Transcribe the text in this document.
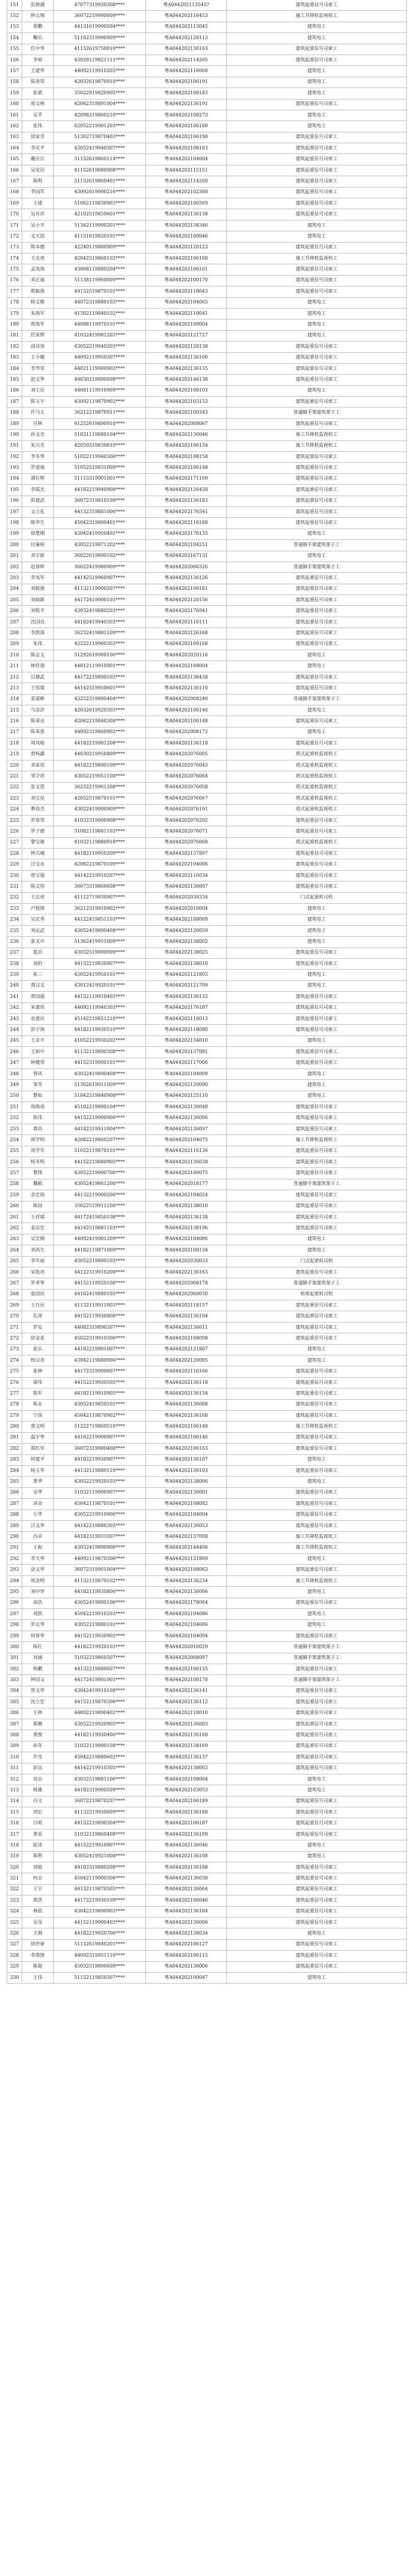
151	彭俊涵	47077319930308****	粤A044202113545?	建筑起重信号司索工
152	钟云翔	36072219990009****	粤A044202116453	施工升降机监视机工
153	郑鹏	44131619990504****	粤A044202113045	建筑电工
154	鞠乐	51162319990909****	粤A044202128113	建筑电工
155	任中华	41152619750010****	粤A044202136163	建筑起重信号司索工
156	李裕	43028119821111****	粤A044202114265	建筑起重信号司索工
157	王建华	44092119910205****	粤A044202116060	建筑电工
158	陈春荣	42032619870910****	粤A044202106191	建筑电工
159	张斌	35022919820905****	粤A044202108183	建筑电工
160	胡文林	42062319891004****	粤A044202136191	建筑起重信号司索工
161	吴芊	42098319860210****	粤A044202108273	建筑电工
162	张伟	62052219901203****	粤A044202106180	建筑电工
163	徐家芳	51302719870403****	粤A044202106190	建筑起重信号司索工
164	李庆平	43052419940307****	粤A044202108163	建筑起重信号司索工
165	戴应江	51152619860114****	粤A044202104004	建筑起重信号司索工
166	吴安民	41152619880908****	粤A044202115151	建筑起重信号司索工
167	陈明	51152619860401****	粤A044202114260	建筑起重信号司索工
168	李国军	43092619900216****	粤A044202102360	建筑起重信号司索工
169	王建	51062119830903****	粤A044202106569	建筑起重信号司索工
170	吴有祥	42102519850601****	粤A044202136138	建筑起重信号司索工
171	吴小平	51342119900201****	粤A044202138346	建筑电工
172	文天涯	41151619820101****	粤A044202100046	建筑电工
173	陈本德	42240119860909****	粤A044202120123	建筑起重信号司索工
174	王庆虎	42042519860102****	粤A044202106108	施工升降机监视机工
175	孟凤海	43068119880204****	粤A044202106161	建筑起重信号司索工
176	邓正福	51138119960009****	粤A044202100170	建筑起重信号司索工
177	蔡振海	44152519870101****	粤A044202118643	建筑起重信号司索工
178	杨文楷	44072319880103****	粤A044202104065	建筑电工
179	朱海军	41302119840102****	粤A044202110041	建筑电工
180	曾海军	44088119970101****	粤A044202108004	建筑电工
181	任家辉	41032419981203****	粤A044202121727	建筑电工
182	邱诗容	43052219940203****	粤A044202128138	建筑起重信号司索工
183	王小娜	44092119950307****	粤A044202136100	建筑起重信号司索工
184	李华荣	44021119900903****	粤A044202136135	建筑起重信号司索工
185	赵文华	44030219890008****	粤A044202146138	建筑起重信号司索工
186	刘土民	44081119910909****	粤A044202108103	建筑电工
187	陈玉宇	43092119870902****	粤A044202103153	建筑起重信号司索工
188	许马太	36212219870911****	粤A044202100343	普通脚手架建筑架子工
189	付林	61252619890910****	粤A044202008067	建筑起重信号司索工
190	孙文光	51021119880104****	粤A044202136046	施工升降机监视机工
191	朱兴光	42050319830610****	粤A044202106134	施工升降机监视机工
192	李冬华	51022119940306****	粤A044202108158	建筑起重信号司索工
193	罗道福	51052519831009****	粤A044202106148	建筑起重信号司索工
194	谭仕辉	51113319901001****	粤A044202171109	建筑起重信号司索工
195	李霞光	44182219940908****	粤A044202126458	建筑起重信号司索工
196	彭建武	36072319810109****	粤A044202136183	建筑起重信号司索工
197	文立礼	44132319881006****	粤A044202176541	建筑起重信号司索工
198	陈华生	45042319890401****	粤A044202116188	建筑起重信号司索工
199	徐楚刚	43042419950401****	粤A044202176135	建筑电工
200	付兼柯	43052219871202****	粤A044202104251	普通脚手架建筑架子工
201	邓宇新	36022619890102****	粤A044202167131	建筑电工
202	赵春晖	36022419980909****	粤A044202006326	普通脚手架建筑架子工
203	李凤军	44142519960907****	粤A044202136126	建筑起重信号司索工
204	刘振强	41132119900207****	粤A044202106181	建筑起重信号司索工
205	刘灿新	44172419900103****	粤A044202120156	建筑起重信号司索工
206	刘锐平	43032419880203****	粤A044202176941	建筑起重信号司索工
207	沈国良	44182419940303****	粤A044202116111	建筑起重信号司索工
208	李敦海	36252419881109****	粤A044202126168	建筑起重信号司索工
209	朱伟	42222119960303****	粤A044202160168	建筑起重信号司索工
210	陈志文	51292619900106****	粤A044202020116	建筑电工
211	林佳强	44012119910901****	粤A044202108004	建筑电工
212	吕德武	44172219890103****	粤A044202138438	建筑起重信号司索工
213	王伟斌	44142519950601****	粤A044202136110	建筑起重信号司索工
214	姜道彬	43252319890404****	粤A044202008240	普通脚手架建筑架子工
215	马金沂	42032619920303****	粤A044202106146	建筑电工
216	陈承业	42062219840308****	粤A044202106148	建筑起重信号司索工
217	陈来恩	44092319860902****	粤A044202008172	建筑电工
218	周凤临	44182219901208****	粤A044202136118	建筑起重信号司索工
219	黄杨鑫	44030219950809****	粤A044202076005	塔式起重机监视机工
220	邓家伟	44182219890109****	粤A044202076043	塔式起重机监视机工
221	邹守祥	43052219951108****	粤A044202076064	塔式起重机监视机工
222	张文思	36252219961208****	粤A044202076058	塔式起重机监视机工
223	刘宝星	42052519870101****	粤A044202076067	塔式起重机监视机工
224	曹伟杰	43022419900909****	粤A044202076191	塔式起重机监视机工
225	罗春荣	41032319900908****	粤A044202076292	建筑起重信号司索工
226	罗子德	51082119861103****	粤A044202076071	建筑起重信号司索工
227	黎宝驰	41032119880910****	粤A044202076068	塔式起重机监视机工
228	钟兴城	44182119950209****	粤A044202137897	建筑起重信号司索工
229	汪宝永	42082219870109****	粤A044202104006	建筑起重信号司索工
230	曾宝强	44142219910207****	粤A044202116034	建筑起重信号司索工
231	陈文伟	36073319860608****	粤A044202136007	建筑起重信号司索工
232	王志虎	41112719930907****	粤A044202030334	门式起重机司机
233	卢锐锋	36212319910902****	粤A044202010004	建筑电工
234	吴宏秀	44122419851103****	粤A044202108009	建筑电工
235	刘志武	43052419890408****	粤A044202120059	建筑电工
236	张文中	51362419951009****	粤A044202138002	建筑电工
237	夏治	43032519890909****	粤A044202138025	建筑起重信号司索工
238	刘伯	44152219830907****	粤A044202138018	建筑起重信号司索工
239	张三	43052419950101****	粤A044202121803	建筑电工
240	黄汉文	43012419920101****	粤A044202121709	建筑电工
241	黄国超	44152119910403****	粤A044202136133	建筑起重信号司索工
242	朱建伟	44092119940303****	粤A044202176187	建筑起重信号司索工
243	农建民	45142219851210****	粤A044202118013	建筑起重信号司索工
244	彭宇海	44182119930510****	粤A044202118080	建筑起重信号司索工
245	王永平	41052219930202****	粤A044202134010	建筑电工
246	王如中	41132119890308****	粤A044202137081	建筑起重信号司索工
247	钟健荣	44152319900101****	粤A044202117006	建筑起重信号司索工
248	曾风	43032419890408****	粤A044202104009	建筑电工
249	邹雪	51302619911009****	粤A044202120090	建筑电工
250	黎如	51042519840908****	粤A044202125110	建筑电工
251	周海南	45102219890104****	粤A044202130048	建筑起重信号司索工
252	陈伟	44152219900906****	粤A044202136006	建筑起重信号司索工
253	黄昌	44182319911004****	粤A044202136097	建筑起重信号司索工
254	胡学明	42082219860207****	粤A044202104075	施工升降机监视机工
255	周学军	51022119870101****	粤A044202116136	建筑起重信号司索工
256	杨冬明	44152219880905****	粤A044202136038	建筑起重信号司索工
257	黎锋	43052219900708****	粤A044202160075	建筑起重信号司索工
258	魏毅	43052419861208****	粤A044202018177	普通脚手架建筑架子工
259	余宏扬	44132219900206****	粤A044202104024	建筑起重信号司索工
260	陈国	35022519911106****	粤A044202138010	建筑起重信号司索工
261	王祥斌	44172419850108****	粤A044202136138	建筑起重信号司索工
262	姜志宏	44142519881103****	粤A044202138196	建筑起重信号司索工
263	吴宏刚	44092419901209****	粤A044202104086	建筑电工
264	刘高生	44182119871009****	粤A044202108134	建筑电工
265	李年丽	43052219890103****	粤A044202030033	门式起重机司机
266	宋凯亮	44122319910208****	粤A044202136163	建筑起重信号司索工
267	罗孝华	44152119920108****	粤A044202008178	普通脚手架建筑架子工
268	张国民	44162419880105****	粤A044202060030	桥梁起重机司机
269	王自民	41132119911003****	粤A044202118157	建筑起重信号司索工
270	孔涛	44152119930808****	粤A044202136104	建筑起重信号司索工
271	罗安	44082319890307****	粤A044202136011	建筑起重信号司索工
272	徐金花	45022319910306****	粤A044202108098	建筑起重信号司索工
273	张乐	44182219901007****	粤A044202121807	建筑电工
274	杨汉香	43042119880906****	粤A044202120005	建筑电工
275	张林	44172319900607****	粤A044202116166	建筑起重信号司索工
276	梁伟	44152219930505****	粤A044202136118	建筑起重信号司索工
277	陈军	44182119910905****	粤A044202136154	建筑起重信号司索工
278	陈永	43052419850101****	粤A044202136088	建筑起重信号司索工
279	宁国	45042119870902****	粤A044202136168	建筑起重信号司索工
280	黄文明	51222719860510****	粤A044202106148	施工升降机监视机工
281	温宇华	44162219900907****	粤A044202106146	建筑起重信号司索工
282	郑红军	36072319900408****	粤A044202106163	建筑起重信号司索工
283	何建平	44182219930907****	粤A044202136107	建筑电工
284	杨玉华	44132119880110****	粤A044202136103	建筑起重信号司索工
285	黄华	43052219920103****	粤A044202138006	建筑电工
286	吴华	51032119900907****	粤A044202136001	建筑起重信号司索工
287	刘金	45042119870101****	粤A044202108082	建筑起重信号司索工
288	左华	43052219910906****	粤A044202104004	建筑起重信号司索工
289	吕文华	44142219880305****	粤A044202136053	建筑起重信号司索工
290	冯卓	44182319931007****	粤A044202137008	施工升降机监视机工
291	王振	43032419890908****	粤A044202144406	施工升降机监视机工
292	李天华	44092119870306****	粤A044202121809	建筑电工
293	涂文华	36072319901004****	粤A044202108063	建筑起重信号司索工
294	胡金明	41132119870102****	粤A044202136234	施工升降机监视机工
295	刘中华	44182119930806****	粤A044202136006	建筑电工
296	高浩	43052419890106****	粤A044202178064	建筑起重信号司索工
297	刘凯	45042219910203****	粤A044202104086	建筑电工
298	罗志华	43052219880101****	粤A044202104006	建筑电工
299	何春华	44152119930905****	粤A044202104004	建筑起重信号司索工
300	陈红	44182219920103****	粤A044202010029	普通脚手架建筑架子工
301	刘诚	51032219860507****	粤A044202008097	普通脚手架建筑架子工
302	杨鹏	44132219880607****	粤A044202106133	建筑起重信号司索工
303	钟国文	44172419901003****	粤A044202108178	普通脚手架建筑架子工
304	曾文华	43042419910108****	粤A044202136141	建筑起重信号司索工
305	沈立宏	44152119870306****	粤A044202136112	建筑起重信号司索工
306	王林	44092219890402****	粤A044202118010	建筑起重信号司索工
307	郑楠	43052219920905****	粤A044202136003	建筑起重信号司索工
308	黄俊	44182119930406****	粤A044202136168	建筑起重信号司索工
309	孙冬	51022119900108****	粤A044202138169	建筑起重信号司索工
310	许雪	45042219880602****	粤A044202136137	建筑起重信号司索工
311	彭远	44142219910305****	粤A044202138002	建筑起重信号司索工
312	刘志	43032519881106****	粤A044202108064	建筑电工
313	杨雄	44182319900509****	粤A044202103053	建筑电工
314	冯文	36072219870207****	粤A044202106189	建筑起重信号司索工
315	刘宏	41132219930609****	粤A044202136188	建筑起重信号司索工
316	吕明	44152219890304****	粤A044202106187	建筑起重信号司索工
317	黄星	51032119860408****	粤A044202136109	建筑起重信号司索工
318	陆诗	44152219910907****	粤A044202136046	建筑电工
319	陈利	43052419921008****	粤A044202136108	建筑电工
320	刘旭	44182319880208****	粤A044202136188	建筑起重信号司索工
321	何志	45042119900306****	粤A044202136038	建筑起重信号司索工
322	王宇	44132119870505****	粤A044202136064	建筑起重信号司索工
323	黄洪	44172219930109****	粤A044202106046	建筑起重信号司索工
324	林晨	43042219890903****	粤A044202136184	建筑起重信号司索工
325	吴旻	44152119900403****	粤A044202136006	建筑起重信号司索工
326	王刚	44182219920706****	粤A044202138034	建筑电工
327	徐世豪	51132619840201****	粤A044202106127	建筑起重信号司索工
328	李海锋	44092319951110****	粤A044202106115	建筑起重信号司索工
329	陈超	45032519890609****	粤A044202136006	建筑起重信号司索工
330	王伟	51152119850307****	粤A044202100047	建筑电工
